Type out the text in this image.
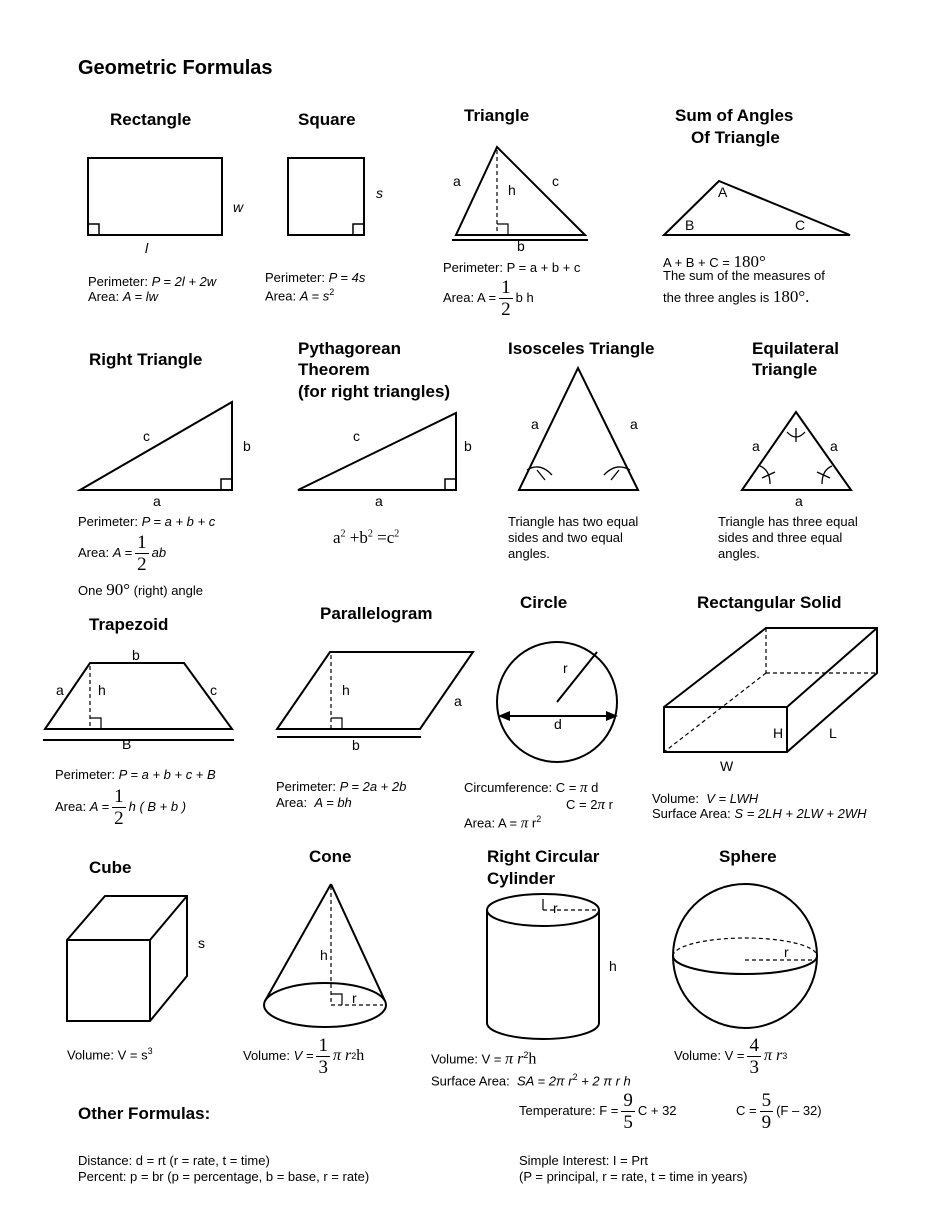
Geometric Formulas
Rectangle
w
l
Perimeter: P = 2l + 2w
Area: A = lw
Square
s
Perimeter: P = 4s
Area: $A = s^2$
Triangle
a
h
c
b
Perimeter: P = a + b + c
Area: $A = \frac{1}{2}$ b h
Sum of Angles
Of Triangle
A
B	C
A + B + C = 180°
The sum of the measures of
the three angles is 180°.
Right Triangle
c
b
a
Perimeter: P = a + b + c
Area:
$A = \frac{1}{2}$ ab
One 90° (right) angle
Pythagorean
Theorem
(for right triangles)
c
b
a
$a^2 +b^2 =c^2$
Isosceles Triangle
a	a
Triangle has two equal
sides and two equal
angles.
Equilateral
Triangle
a	a
a
Triangle has three equal
sides and three equal
angles.
Trapezoid
b
a h	c
B
Perimeter: P = a + b + c + B
Area:
$A = \frac{1}{2}$ h ( B + b )
Parallelogram
h
a
b
Perimeter: P = 2a + 2b
Area: A = bh
Circle
r
d
Circumference: C = π d
C = 2π r
Area: A = π $r^2$
Rectangular Solid
H	L
W
Volume: V = LWH
Surface Area: S = 2LH + 2LW + 2WH
Cube
s
Volume: $V = s^3$
Cone
h
r
Volume:
$V = \frac{1}{3}$ π r 2 h
Right Circular
Cylinder
r
h
Volume: V = π $r^2h$
Surface Area: SA = 2π $r^2 + 2$ π r h
Sphere
r
Volume: $V = \frac{4}{3}$ π r 3
Other Formulas:	Temperature: $F = \frac{9}{5}$ C + 32	$C = \frac{5}{9} (F - 32)$
Distance: d = rt (r = rate, t = time)
Percent: p = br (p = percentage, b = base, r = rate)
Simple Interest: I = Prt
(P = principal, r = rate, t = time in years)
